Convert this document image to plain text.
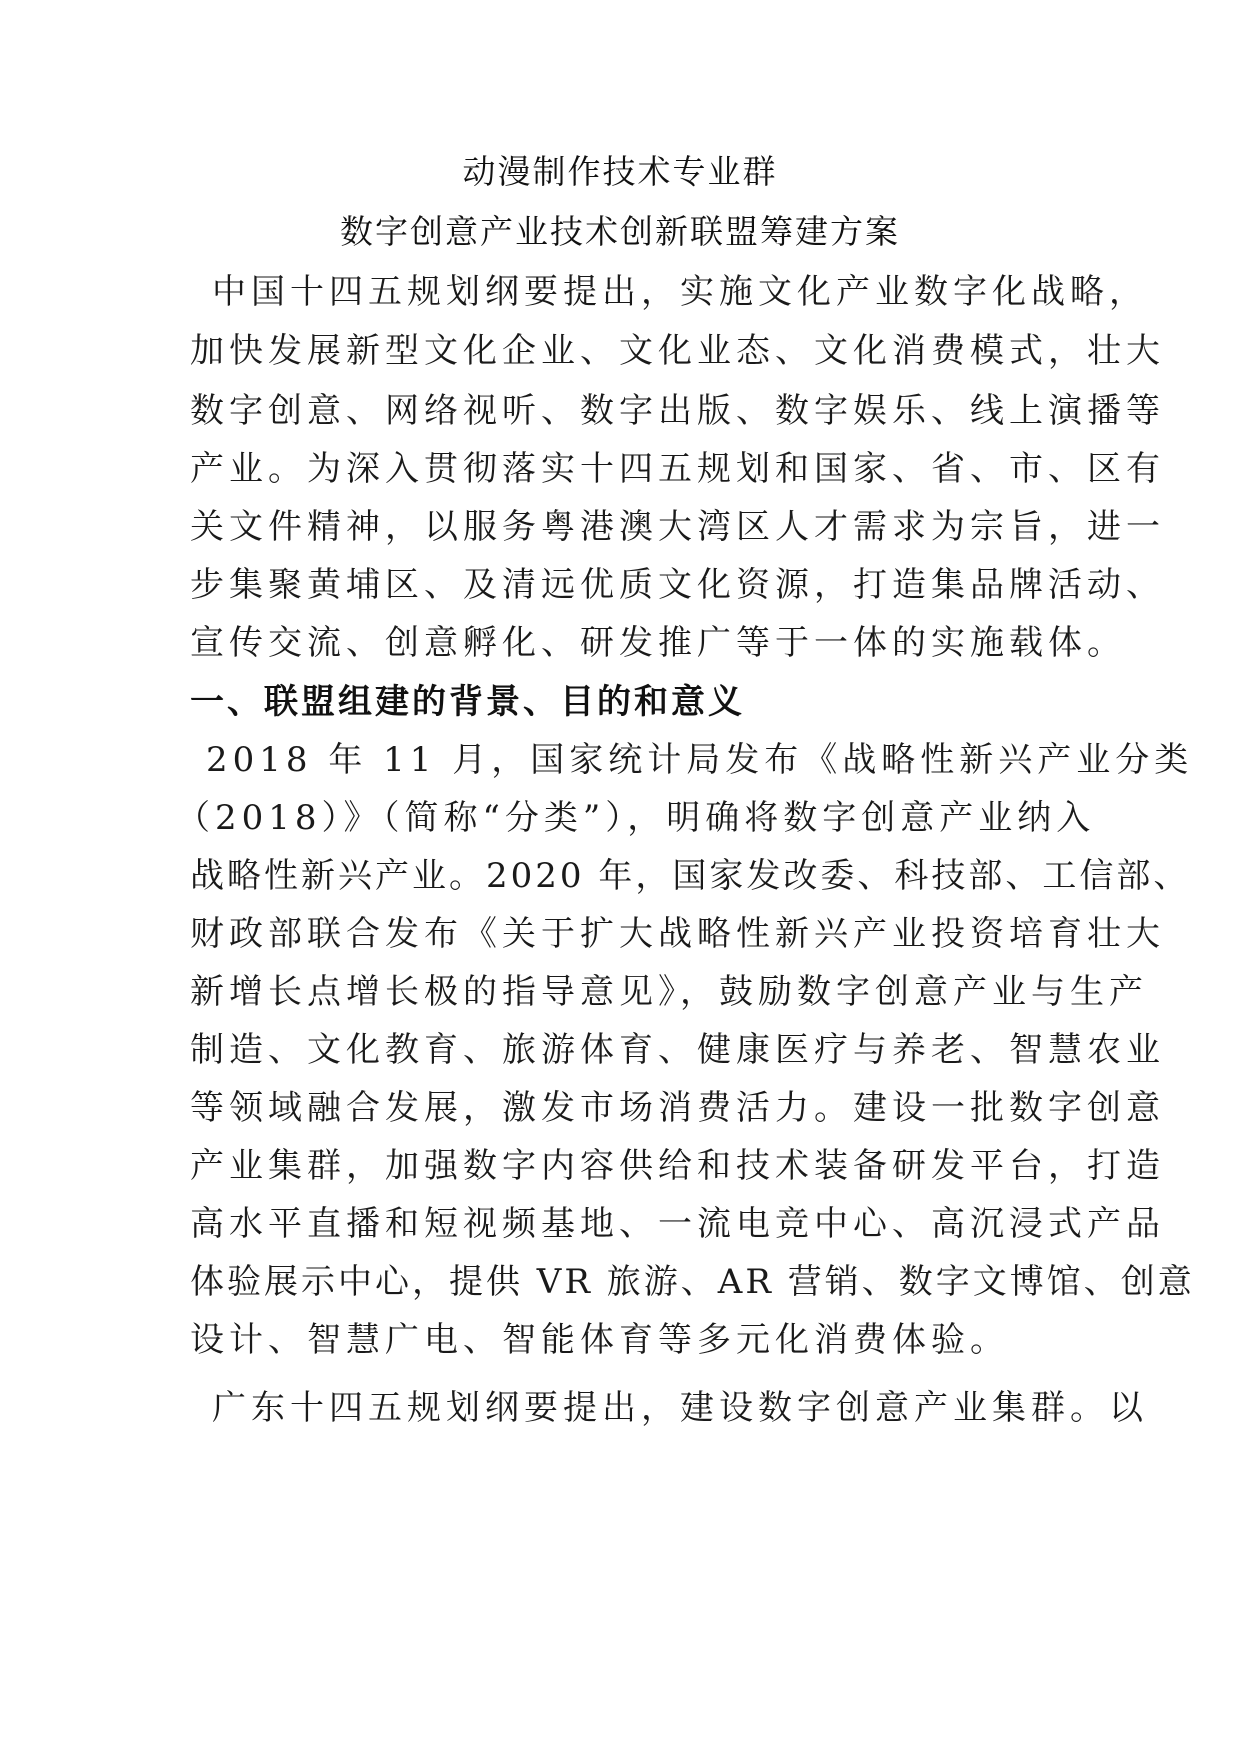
动漫制作技术专业群
数字创意产业技术创新联盟筹建方案
中国十四五规划纲要提出，实施文化产业数字化战略，
加快发展新型文化企业、文化业态、文化消费模式，壮大
数字创意、网络视听、数字出版、数字娱乐、线上演播等
产业。为深入贯彻落实十四五规划和国家、省、市、区有
关文件精神，以服务粤港澳大湾区人才需求为宗旨，进一
步集聚黄埔区、及清远优质文化资源，打造集品牌活动、
宣传交流、创意孵化、研发推广等于一体的实施载体。
一、联盟组建的背景、目的和意义
2018 年 11 月，国家统计局发布《战略性新兴产业分类
（2018）》（简称“分类”），明确将数字创意产业纳入
战略性新兴产业。2020 年，国家发改委、科技部、工信部、
财政部联合发布《关于扩大战略性新兴产业投资培育壮大
新增长点增长极的指导意见》，鼓励数字创意产业与生产
制造、文化教育、旅游体育、健康医疗与养老、智慧农业
等领域融合发展，激发市场消费活力。建设一批数字创意
产业集群，加强数字内容供给和技术装备研发平台，打造
高水平直播和短视频基地、一流电竞中心、高沉浸式产品
体验展示中心，提供 VR 旅游、AR 营销、数字文博馆、创意
设计、智慧广电、智能体育等多元化消费体验。
广东十四五规划纲要提出，建设数字创意产业集群。以
